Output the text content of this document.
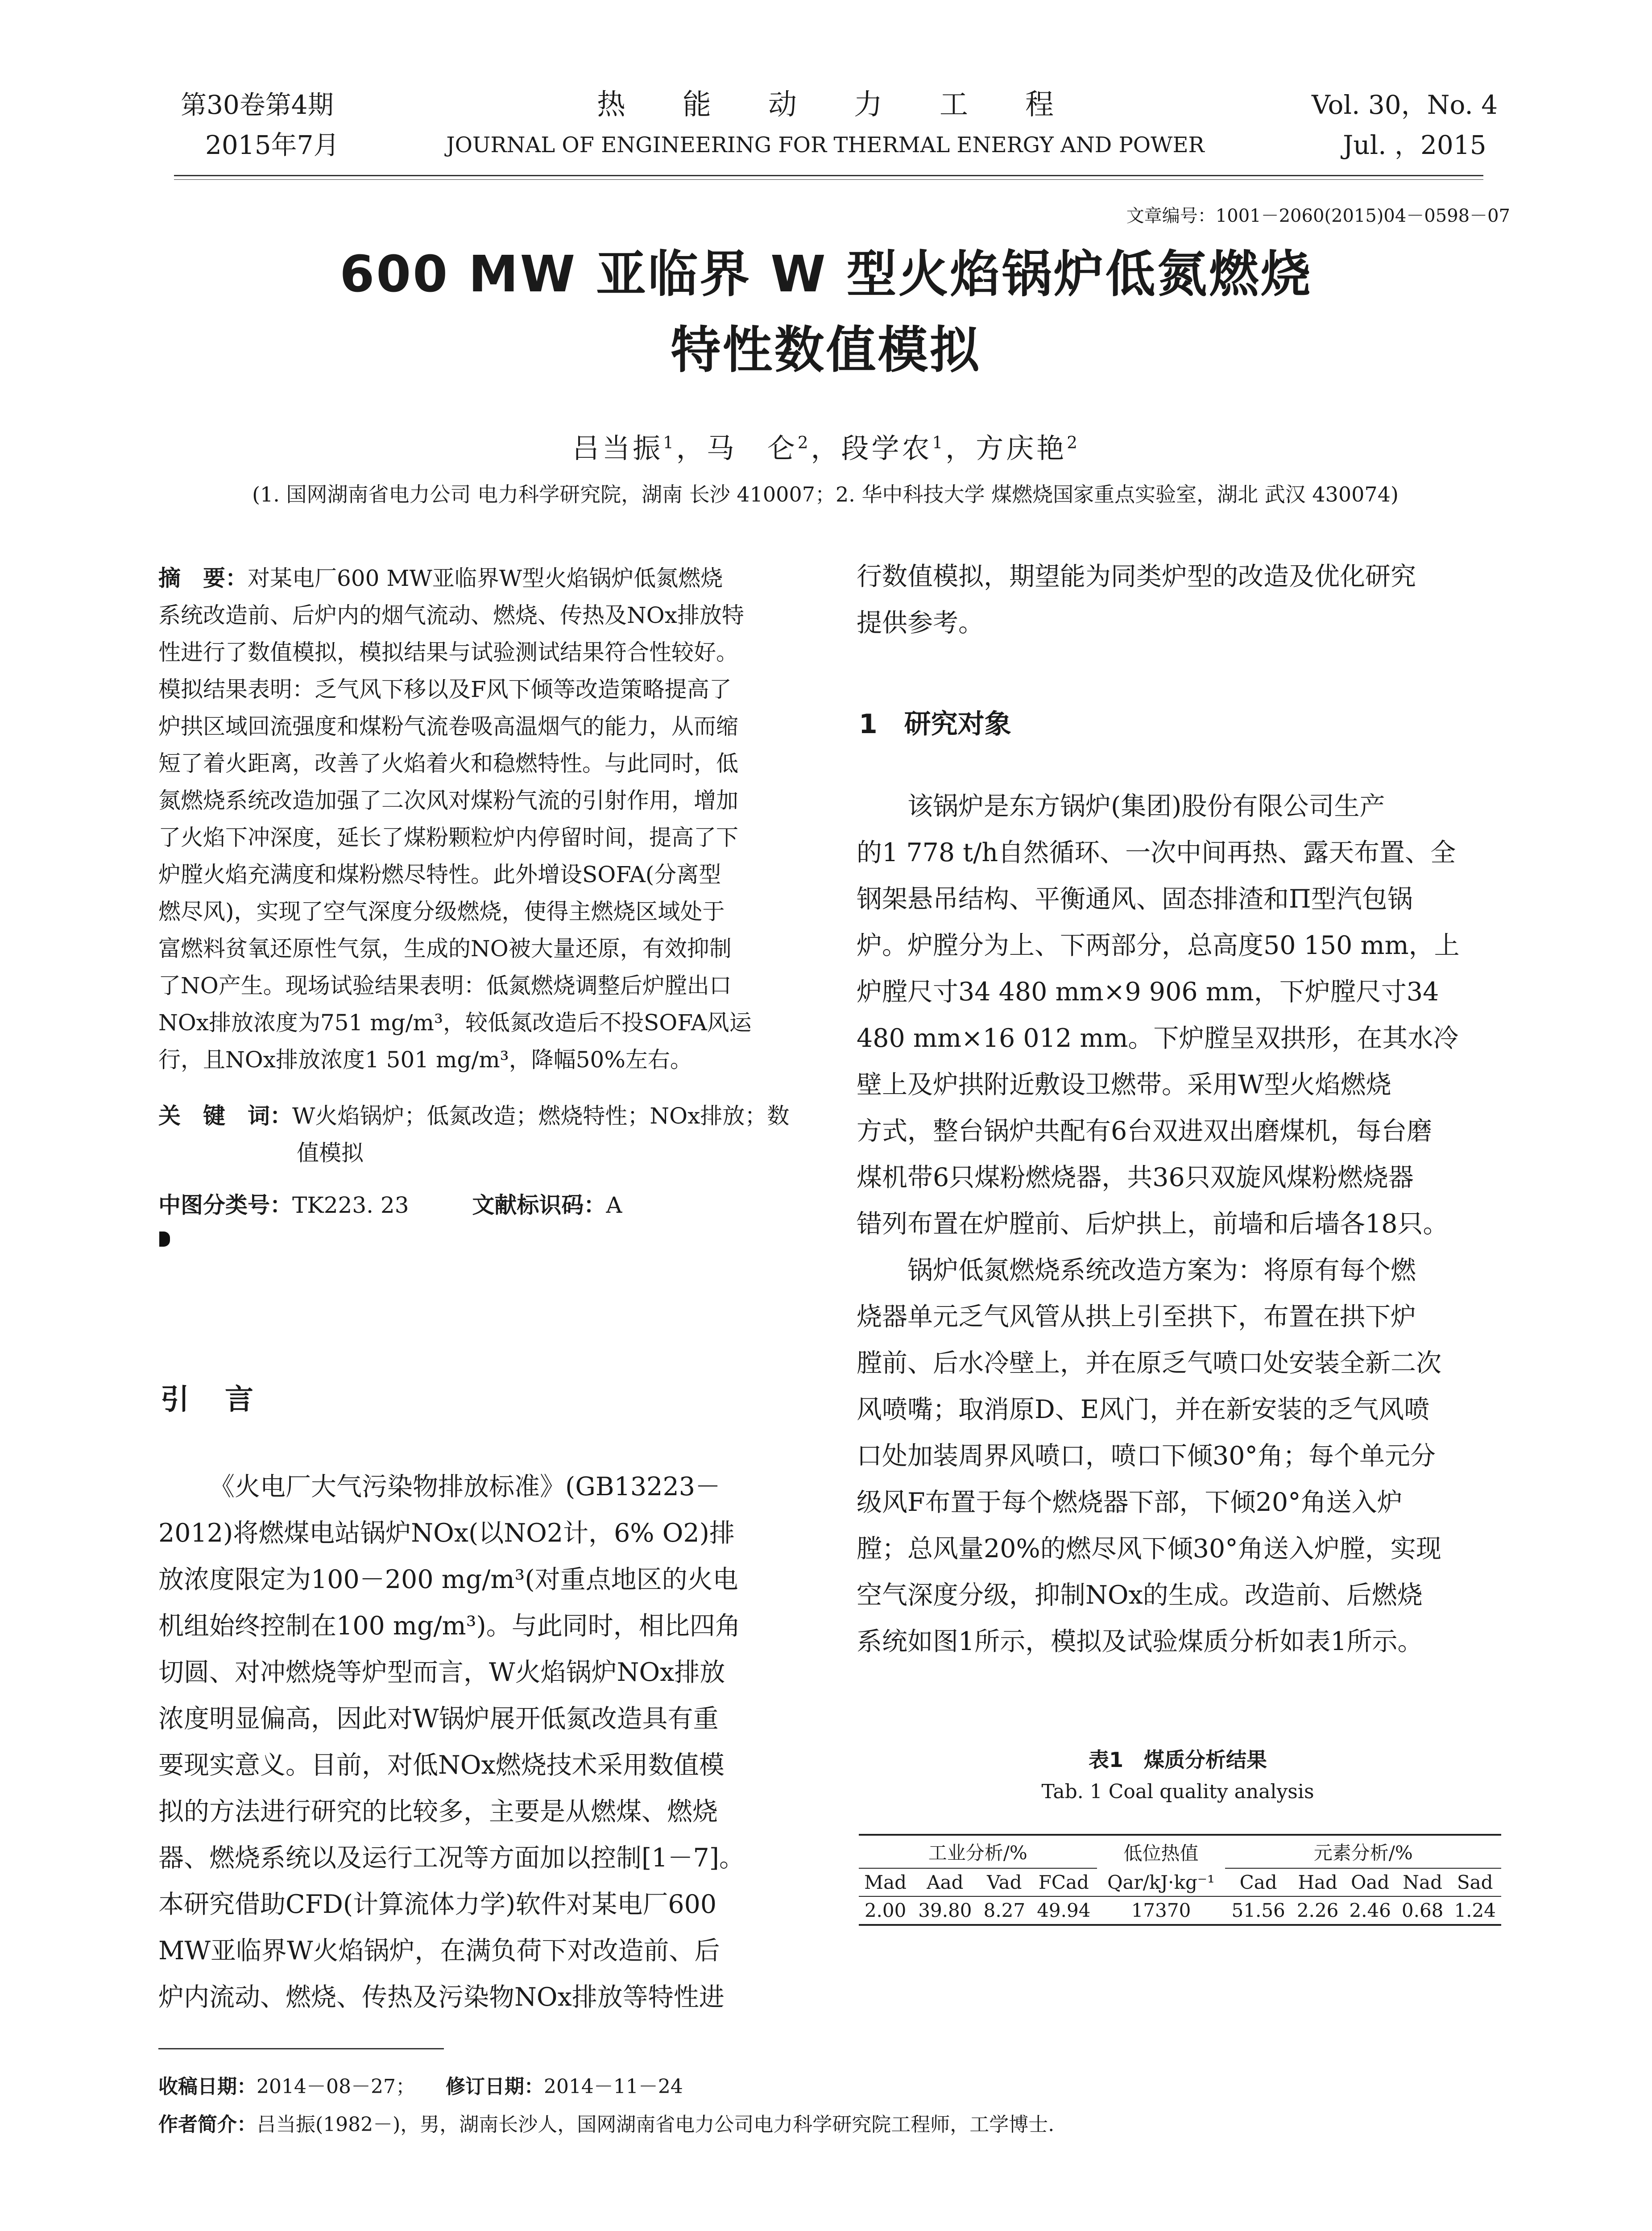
第30卷第4期
2015年7月
热　　能　　动　　力　　工　　程
JOURNAL OF ENGINEERING FOR THERMAL ENERGY AND POWER
Vol. 30，No. 4
Jul. ，2015
文章编号：1001－2060(2015)04－0598－07
600 MW 亚临界 W 型火焰锅炉低氮燃烧
特性数值模拟
吕当振$^1$，马　仑$^2$，段学农$^1$，方庆艳$^2$
(1. 国网湖南省电力公司 电力科学研究院，湖南 长沙 410007；2. 华中科技大学 煤燃烧国家重点实验室，湖北 武汉 430074)
摘　要：对某电厂600 MW亚临界W型火焰锅炉低氮燃烧
系统改造前、后炉内的烟气流动、燃烧、传热及NOx排放特
性进行了数值模拟，模拟结果与试验测试结果符合性较好。
模拟结果表明：乏气风下移以及F风下倾等改造策略提高了
炉拱区域回流强度和煤粉气流卷吸高温烟气的能力，从而缩
短了着火距离，改善了火焰着火和稳燃特性。与此同时，低
氮燃烧系统改造加强了二次风对煤粉气流的引射作用，增加
了火焰下冲深度，延长了煤粉颗粒炉内停留时间，提高了下
炉膛火焰充满度和煤粉燃尽特性。此外增设SOFA(分离型
燃尽风)，实现了空气深度分级燃烧，使得主燃烧区域处于
富燃料贫氧还原性气氛，生成的NO被大量还原，有效抑制
了NO产生。现场试验结果表明：低氮燃烧调整后炉膛出口
NOx排放浓度为751 mg/m³，较低氮改造后不投SOFA风运
行，且NOx排放浓度1 501 mg/m³，降幅50%左右。
关　键　词：W火焰锅炉；低氮改造；燃烧特性；NOx排放；数
值模拟
中图分类号：TK223. 23	文献标识码：A
引　言
《火电厂大气污染物排放标准》(GB13223－
2012)将燃煤电站锅炉NOx(以NO2计，6% O2)排
放浓度限定为100－200 mg/m³(对重点地区的火电
机组始终控制在100 mg/m³)。与此同时，相比四角
切圆、对冲燃烧等炉型而言，W火焰锅炉NOx排放
浓度明显偏高，因此对W锅炉展开低氮改造具有重
要现实意义。目前，对低NOx燃烧技术采用数值模
拟的方法进行研究的比较多，主要是从燃煤、燃烧
器、燃烧系统以及运行工况等方面加以控制[1－7]。
本研究借助CFD(计算流体力学)软件对某电厂600
MW亚临界W火焰锅炉，在满负荷下对改造前、后
炉内流动、燃烧、传热及污染物NOx排放等特性进
行数值模拟，期望能为同类炉型的改造及优化研究
提供参考。
1　研究对象
该锅炉是东方锅炉(集团)股份有限公司生产
的1 778 t/h自然循环、一次中间再热、露天布置、全
钢架悬吊结构、平衡通风、固态排渣和Π型汽包锅
炉。炉膛分为上、下两部分，总高度50 150 mm，上
炉膛尺寸34 480 mm×9 906 mm，下炉膛尺寸34
480 mm×16 012 mm。下炉膛呈双拱形，在其水冷
壁上及炉拱附近敷设卫燃带。采用W型火焰燃烧
方式，整台锅炉共配有6台双进双出磨煤机，每台磨
煤机带6只煤粉燃烧器，共36只双旋风煤粉燃烧器
错列布置在炉膛前、后炉拱上，前墙和后墙各18只。
锅炉低氮燃烧系统改造方案为：将原有每个燃
烧器单元乏气风管从拱上引至拱下，布置在拱下炉
膛前、后水冷壁上，并在原乏气喷口处安装全新二次
风喷嘴；取消原D、E风门，并在新安装的乏气风喷
口处加装周界风喷口，喷口下倾30°角；每个单元分
级风F布置于每个燃烧器下部，下倾20°角送入炉
膛；总风量20%的燃尽风下倾30°角送入炉膛，实现
空气深度分级，抑制NOx的生成。改造前、后燃烧
系统如图1所示，模拟及试验煤质分析如表1所示。
表1　煤质分析结果
Tab. 1 Coal quality analysis
工业分析/%				低位热值	元素分析/%				
Mad	Aad	Vad	FCad	Qar/kJ·kg⁻¹	Cad	Had	Oad	Nad	Sad
2.00	39.80	8.27	49.94	17370	51.56	2.26	2.46	0.68	1.24
收稿日期：2014－08－27； 修订日期：2014－11－24
作者简介：吕当振(1982－)，男，湖南长沙人，国网湖南省电力公司电力科学研究院工程师，工学博士.
